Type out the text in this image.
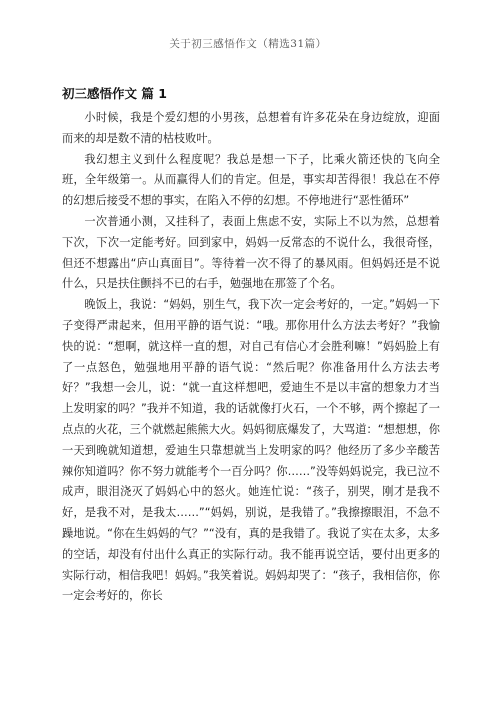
关于初三感悟作文（精选31篇）
初三感悟作文 篇 1

小时候，我是个爱幻想的小男孩，总想着有许多花朵在身边绽放，迎面而来的却是数不清的枯枝败叶。

我幻想主义到什么程度呢？我总是想一下子，比乘火箭还快的飞向全班，全年级第一。从而赢得人们的肯定。但是，事实却苦得很！我总在不停的幻想后接受不想的事实，在陷入不停的幻想。不停地进行“恶性循环”

一次普通小测，又挂科了，表面上焦虑不安，实际上不以为然，总想着下次，下次一定能考好。回到家中，妈妈一反常态的不说什么，我很奇怪，但还不想露出“庐山真面目”。等待着一次不得了的暴风雨。但妈妈还是不说什么，只是扶住颤抖不已的右手，勉强地在那签了个名。

晚饭上，我说：“妈妈，别生气，我下次一定会考好的，一定。”妈妈一下子变得严肃起来，但用平静的语气说：“哦。那你用什么方法去考好？”我愉快的说：“想啊，就这样一直的想，对自己有信心才会胜利嘛！”妈妈脸上有了一点怒色，勉强地用平静的语气说：“然后呢？你准备用什么方法去考好？”我想一会儿，说：“就一直这样想吧，爱迪生不是以丰富的想象力才当上发明家的吗？”我并不知道，我的话就像打火石，一个不够，两个擦起了一点点的火花，三个就燃起熊熊大火。妈妈彻底爆发了，大骂道：“想想想，你一天到晚就知道想，爱迪生只靠想就当上发明家的吗？他经历了多少辛酸苦辣你知道吗？你不努力就能考个一百分吗？你……”没等妈妈说完，我已泣不成声，眼泪浇灭了妈妈心中的怒火。她连忙说：“孩子，别哭，刚才是我不好，是我不对，是我太……”“妈妈，别说，是我错了。”我擦擦眼泪，不急不躁地说。“你在生妈妈的气？”“没有，真的是我错了。我说了实在太多，太多的空话，却没有付出什么真正的实际行动。我不能再说空话，要付出更多的实际行动，相信我吧！妈妈。”我笑着说。妈妈却哭了：“孩子，我相信你，你一定会考好的，你长
